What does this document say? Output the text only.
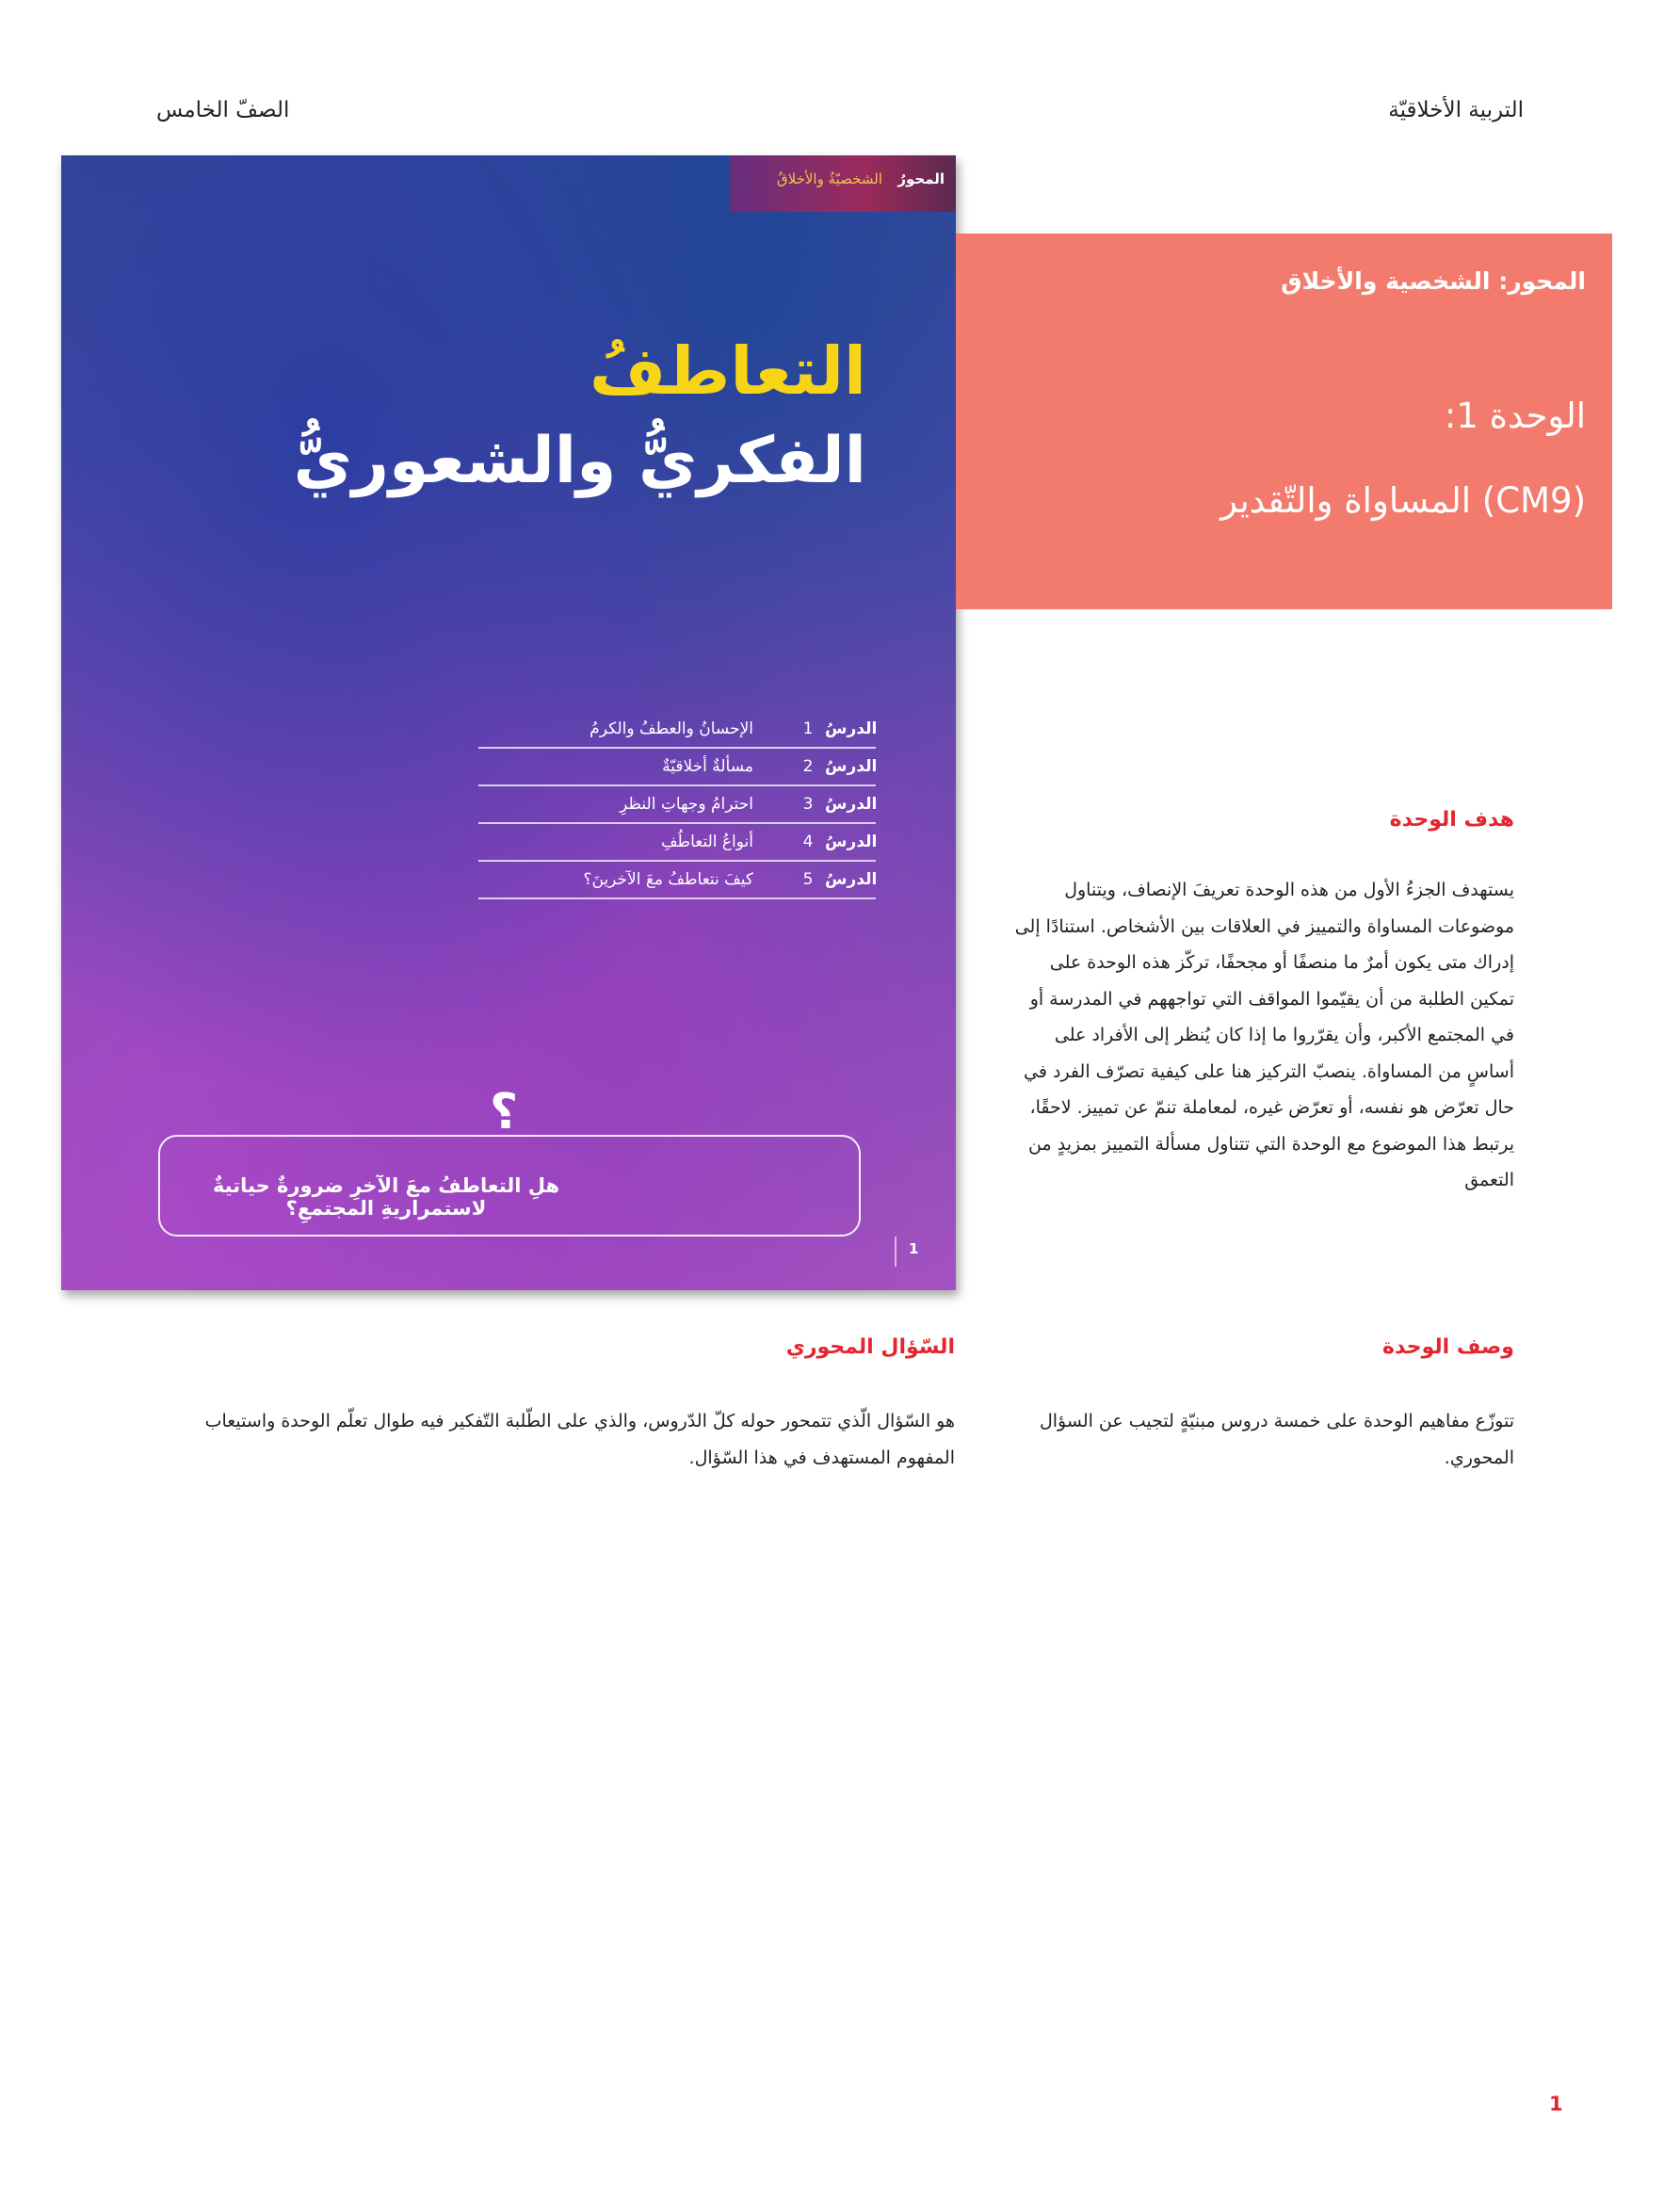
التربية الأخلاقيّة
الصفّ الخامس
المحورُ
الشخصيّةُ والأخلاقُ
التعاطفُ
الفكريُّ والشعوريُّ
الدرسُ
1
الإحسانُ والعطفُ والكرمُ
الدرسُ
2
مسألةٌ أخلاقيّةٌ
الدرسُ
3
احترامُ وجهاتِ النظرِ
الدرسُ
4
أنواعُ التعاطُفِ
الدرسُ
5
كيفَ نتعاطفُ معَ الآخرينَ؟
؟
هلِ التعاطفُ معَ الآخرِ ضرورةٌ حياتيةٌ لاستمراريةِ المجتمعِ؟
1
المحور: الشخصية والأخلاق
الوحدة 1:
(CM9) المساواة والتّقدير
هدف الوحدة
يستهدف الجزءُ الأول من هذه الوحدة تعريفَ الإنصاف، ويتناول موضوعات المساواة والتمييز في العلاقات بين الأشخاص. استنادًا إلى إدراك متى يكون أمرٌ ما منصفًا أو مجحفًا، تركّز هذه الوحدة على تمكين الطلبة من أن يقيّموا المواقف التي تواجههم في المدرسة أو في المجتمع الأكبر، وأن يقرّروا ما إذا كان يُنظر إلى الأفراد على أساسٍ من المساواة. ينصبّ التركيز هنا على كيفية تصرّف الفرد في حال تعرّض هو نفسه، أو تعرّض غيره، لمعاملة تنمّ عن تمييز. لاحقًا، يرتبط هذا الموضوع مع الوحدة التي تتناول مسألة التمييز بمزيدٍ من التعمق
وصف الوحدة
تتوزّع مفاهيم الوحدة على خمسة دروس مبنيّةٍ لتجيب عن السؤال المحوري.
السّؤال المحوري
هو السّؤال الّذي تتمحور حوله كلّ الدّروس، والذي على الطّلبة التّفكير فيه طوال تعلّم الوحدة واستيعاب المفهوم المستهدف في هذا السّؤال.
1
